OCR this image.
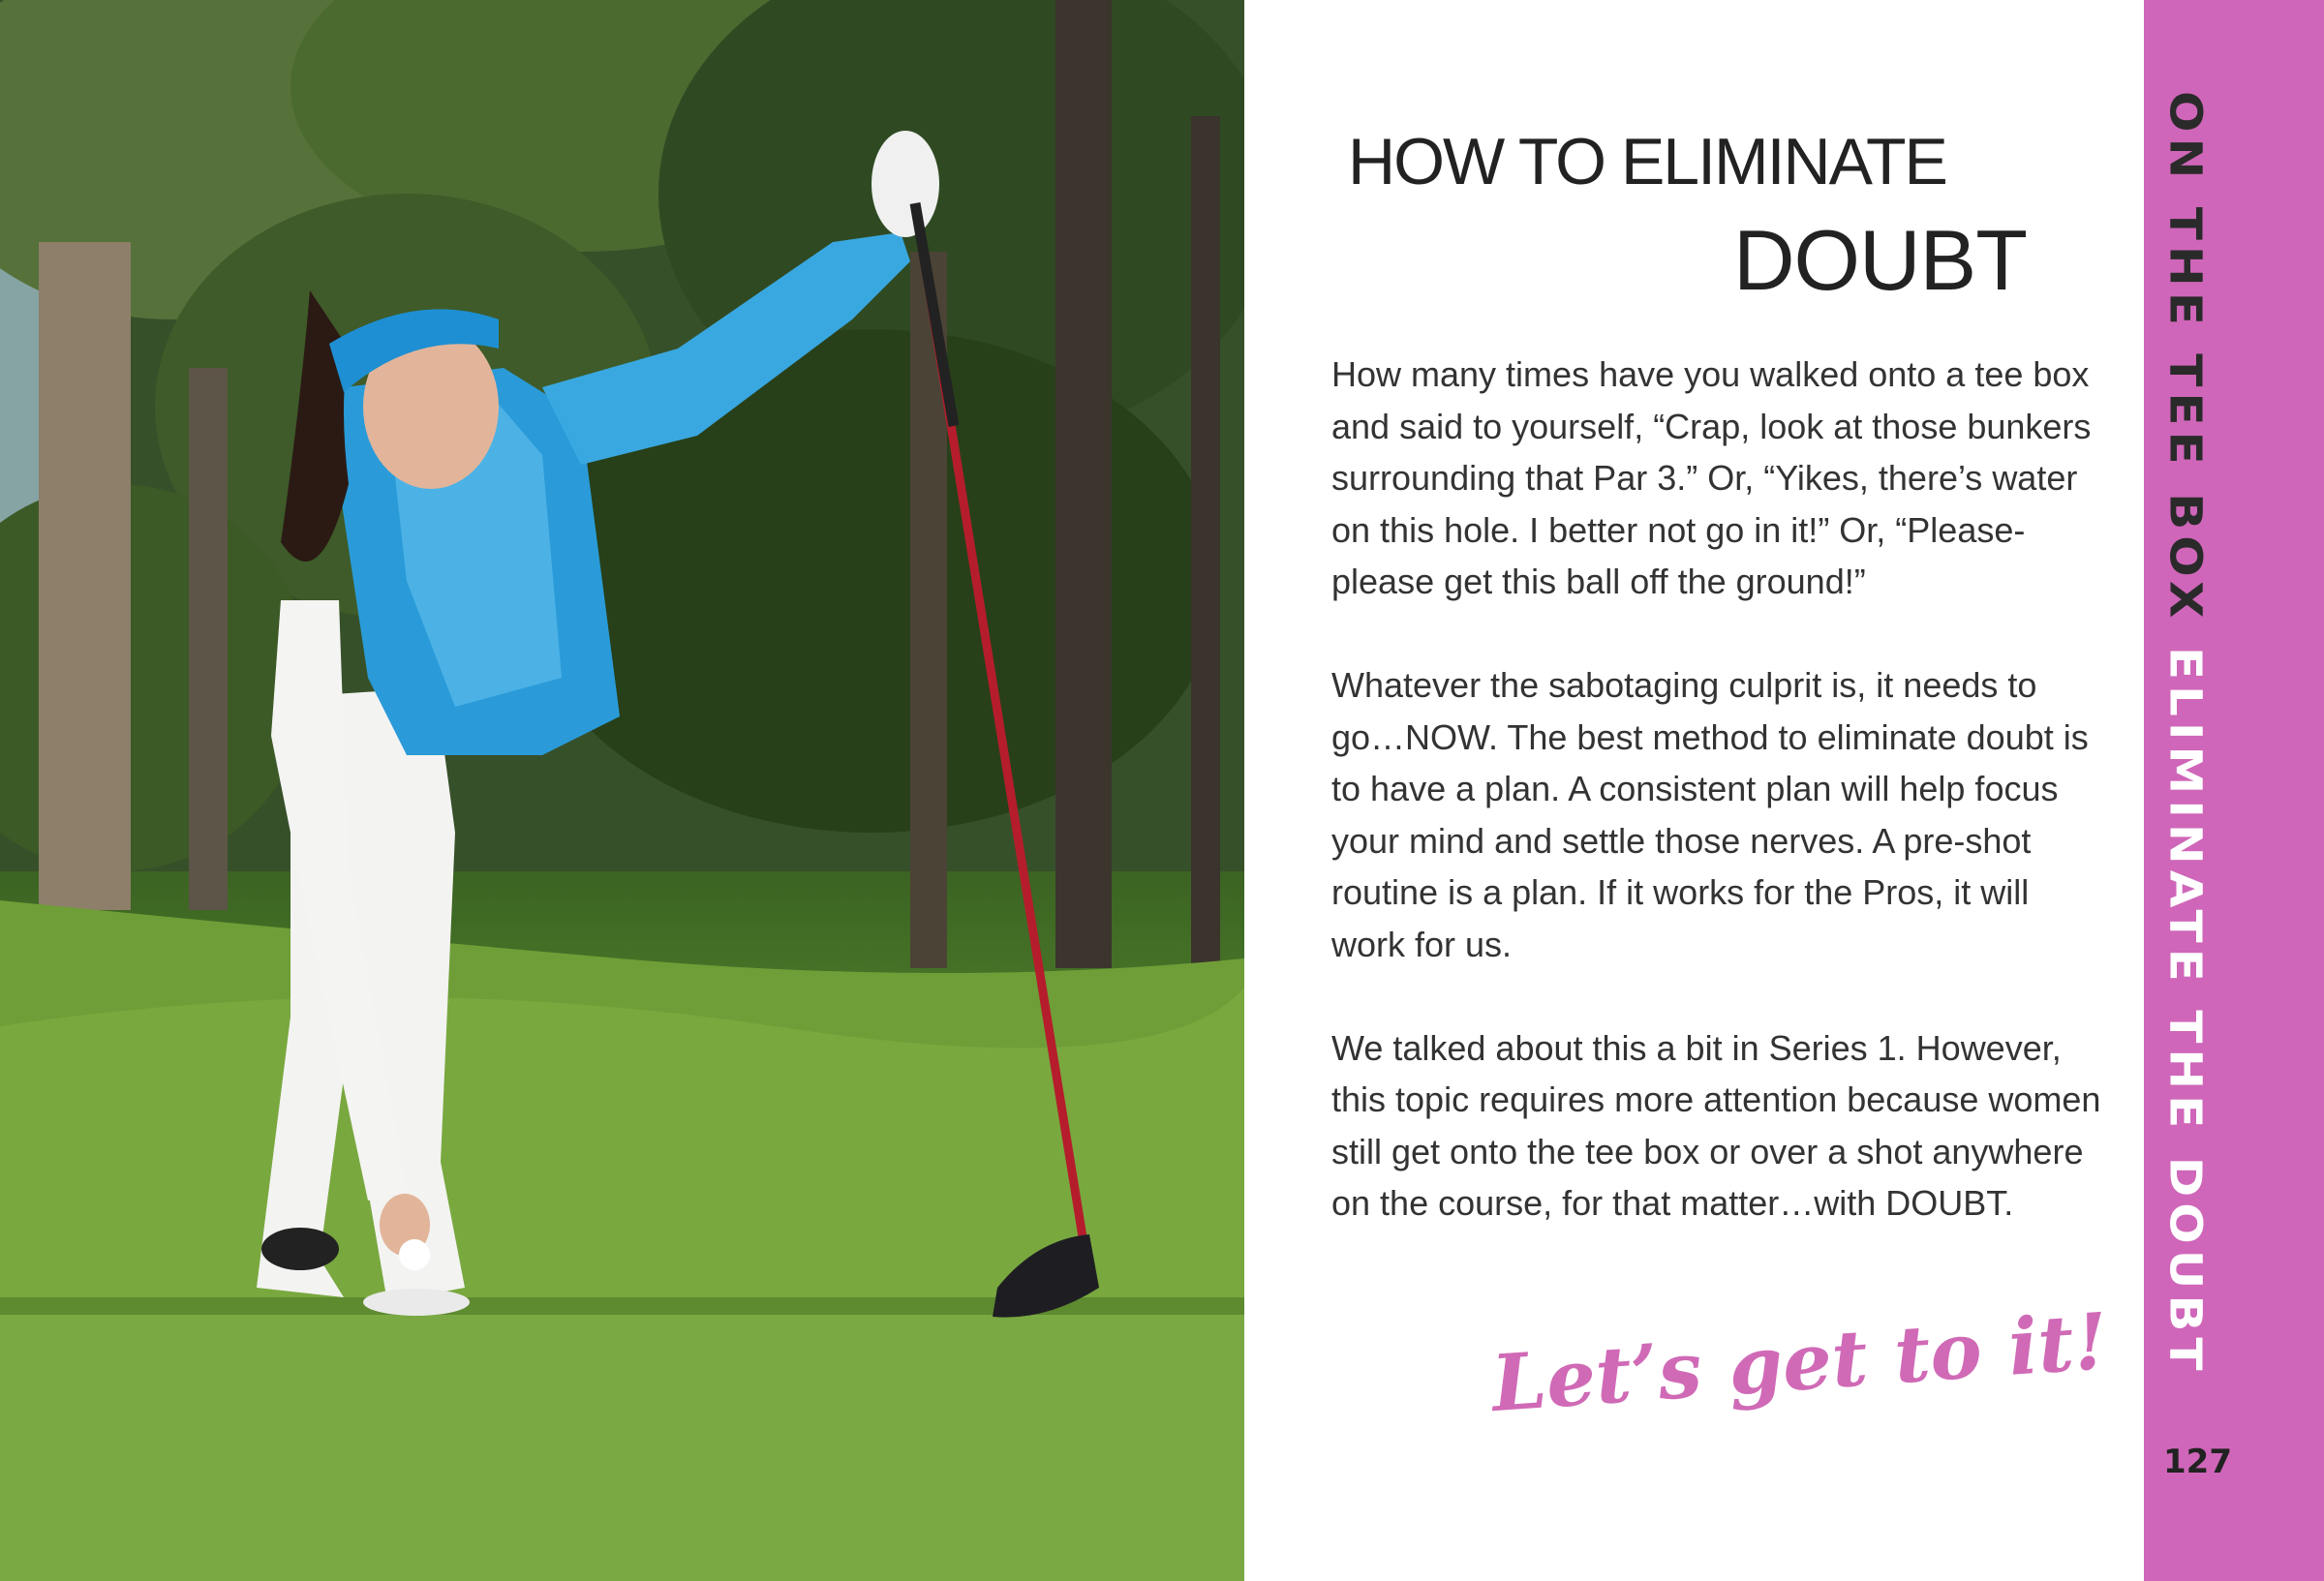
HOW TO ELIMINATE
DOUBT

How many times have you walked onto a tee box and said to yourself, “Crap, look at those bunkers surrounding that Par 3.” Or, “Yikes, there’s water on this hole. I better not go in it!” Or, “Please-please get this ball off the ground!”

Whatever the sabotaging culprit is, it needs to go…NOW. The best method to eliminate doubt is to have a plan. A consistent plan will help focus your mind and settle those nerves. A pre-shot routine is a plan. If it works for the Pros, it will work for us.

We talked about this a bit in Series 1. However, this topic requires more attention because women still get onto the tee box or over a shot anywhere on the course, for that matter…with DOUBT.

Let’s get to it!
ON THE TEE BOX ELIMINATE THE DOUBT
127
